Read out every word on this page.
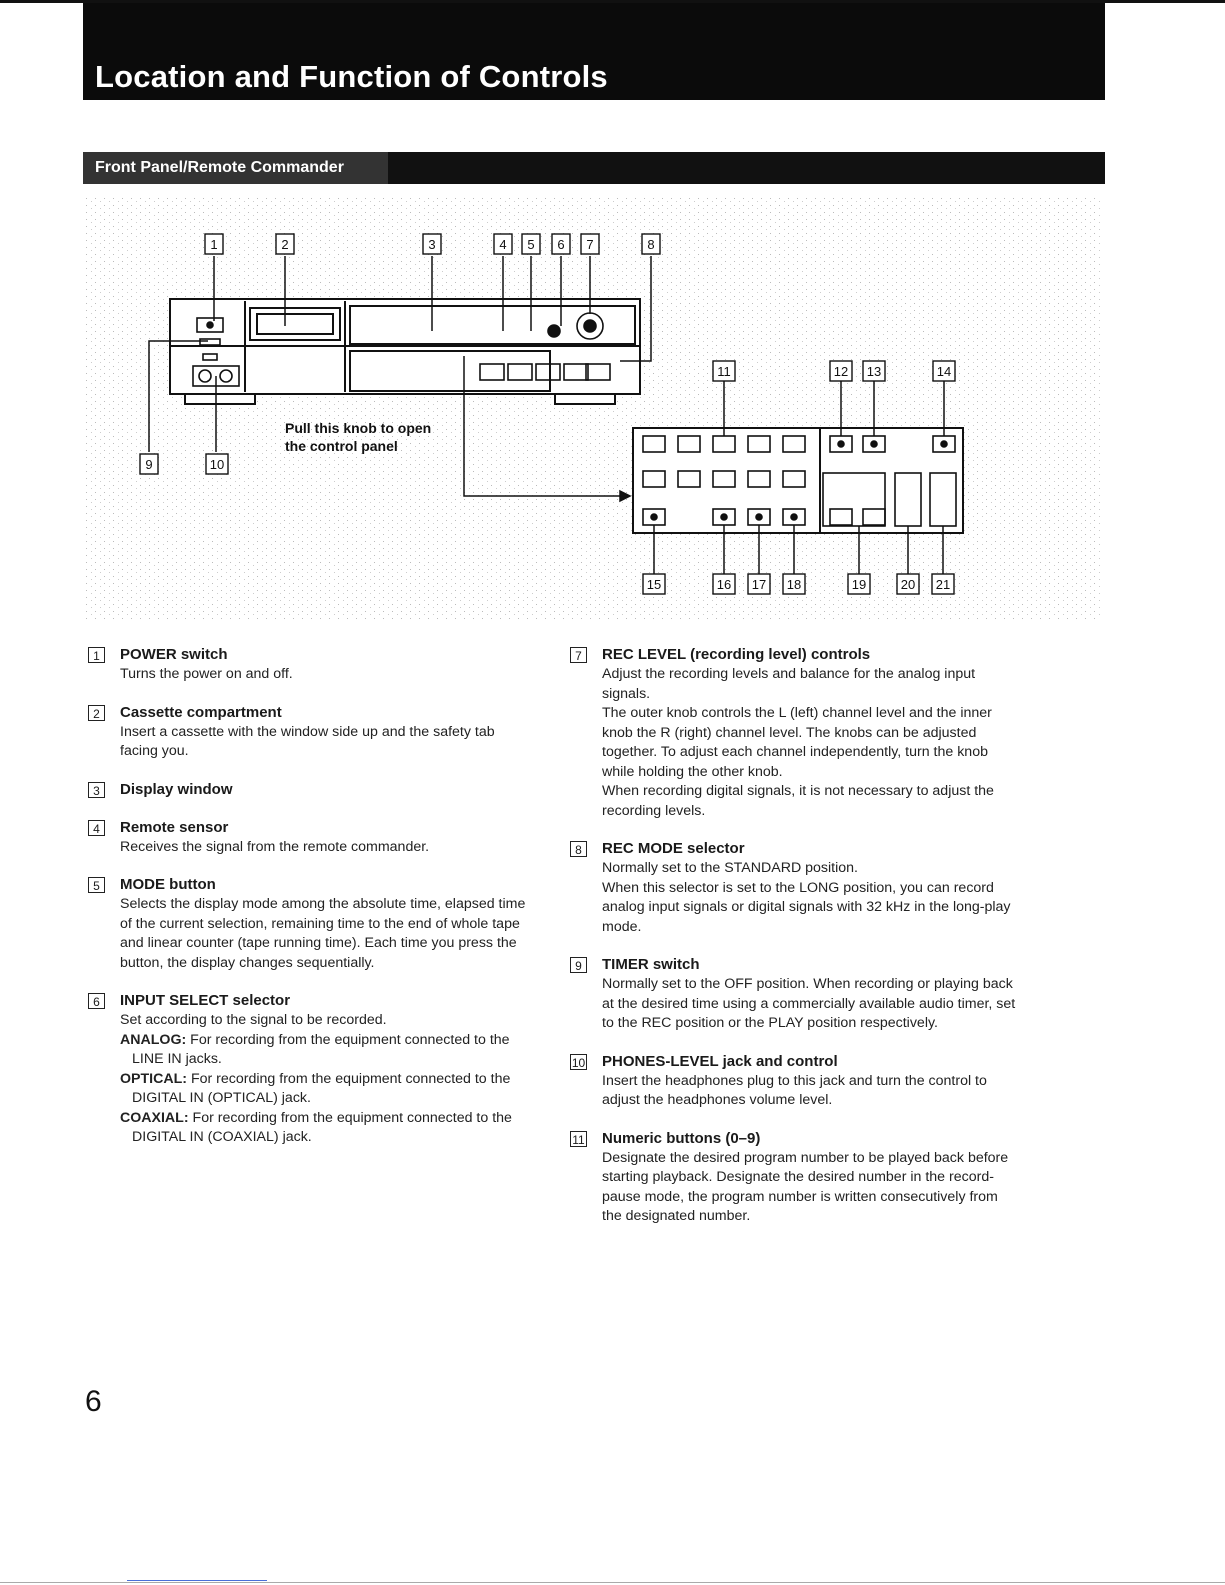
Location and Function of Controls
Front Panel/Remote Commander
Pull this knob to open
the control panel
1	2	3	4 5 6 7	8
9	10
11	12 13	14
15	16 17 18	19	20 21
1	POWER switch

Turns the power on and off.

2	Cassette compartment

Insert a cassette with the window side up and the safety tab facing you.

3	Display window
4	Remote sensor

Receives the signal from the remote commander.

5	MODE button

Selects the display mode among the absolute time, elapsed time of the current selection, remaining time to the end of whole tape and linear counter (tape running time). Each time you press the button, the display changes sequentially.

6	INPUT SELECT selector

Set according to the signal to be recorded.

ANALOG: For recording from the equipment connected to the LINE IN jacks.
OPTICAL: For recording from the equipment connected to the DIGITAL IN (OPTICAL) jack.
COAXIAL: For recording from the equipment connected to the DIGITAL IN (COAXIAL) jack.
7	REC LEVEL (recording level) controls

Adjust the recording levels and balance for the analog input signals.

The outer knob controls the L (left) channel level and the inner knob the R (right) channel level. The knobs can be adjusted together. To adjust each channel independently, turn the knob while holding the other knob.

When recording digital signals, it is not necessary to adjust the recording levels.

8	REC MODE selector

Normally set to the STANDARD position.

When this selector is set to the LONG position, you can record analog input signals or digital signals with 32 kHz in the long-play mode.

9	TIMER switch

Normally set to the OFF position. When recording or playing back at the desired time using a commercially available audio timer, set to the REC position or the PLAY position respectively.

10 PHONES-LEVEL jack and control

Insert the headphones plug to this jack and turn the control to adjust the headphones volume level.

11 Numeric buttons (0–9)

Designate the desired program number to be played back before starting playback. Designate the desired number in the record-pause mode, the program number is written consecutively from the designated number.

6
